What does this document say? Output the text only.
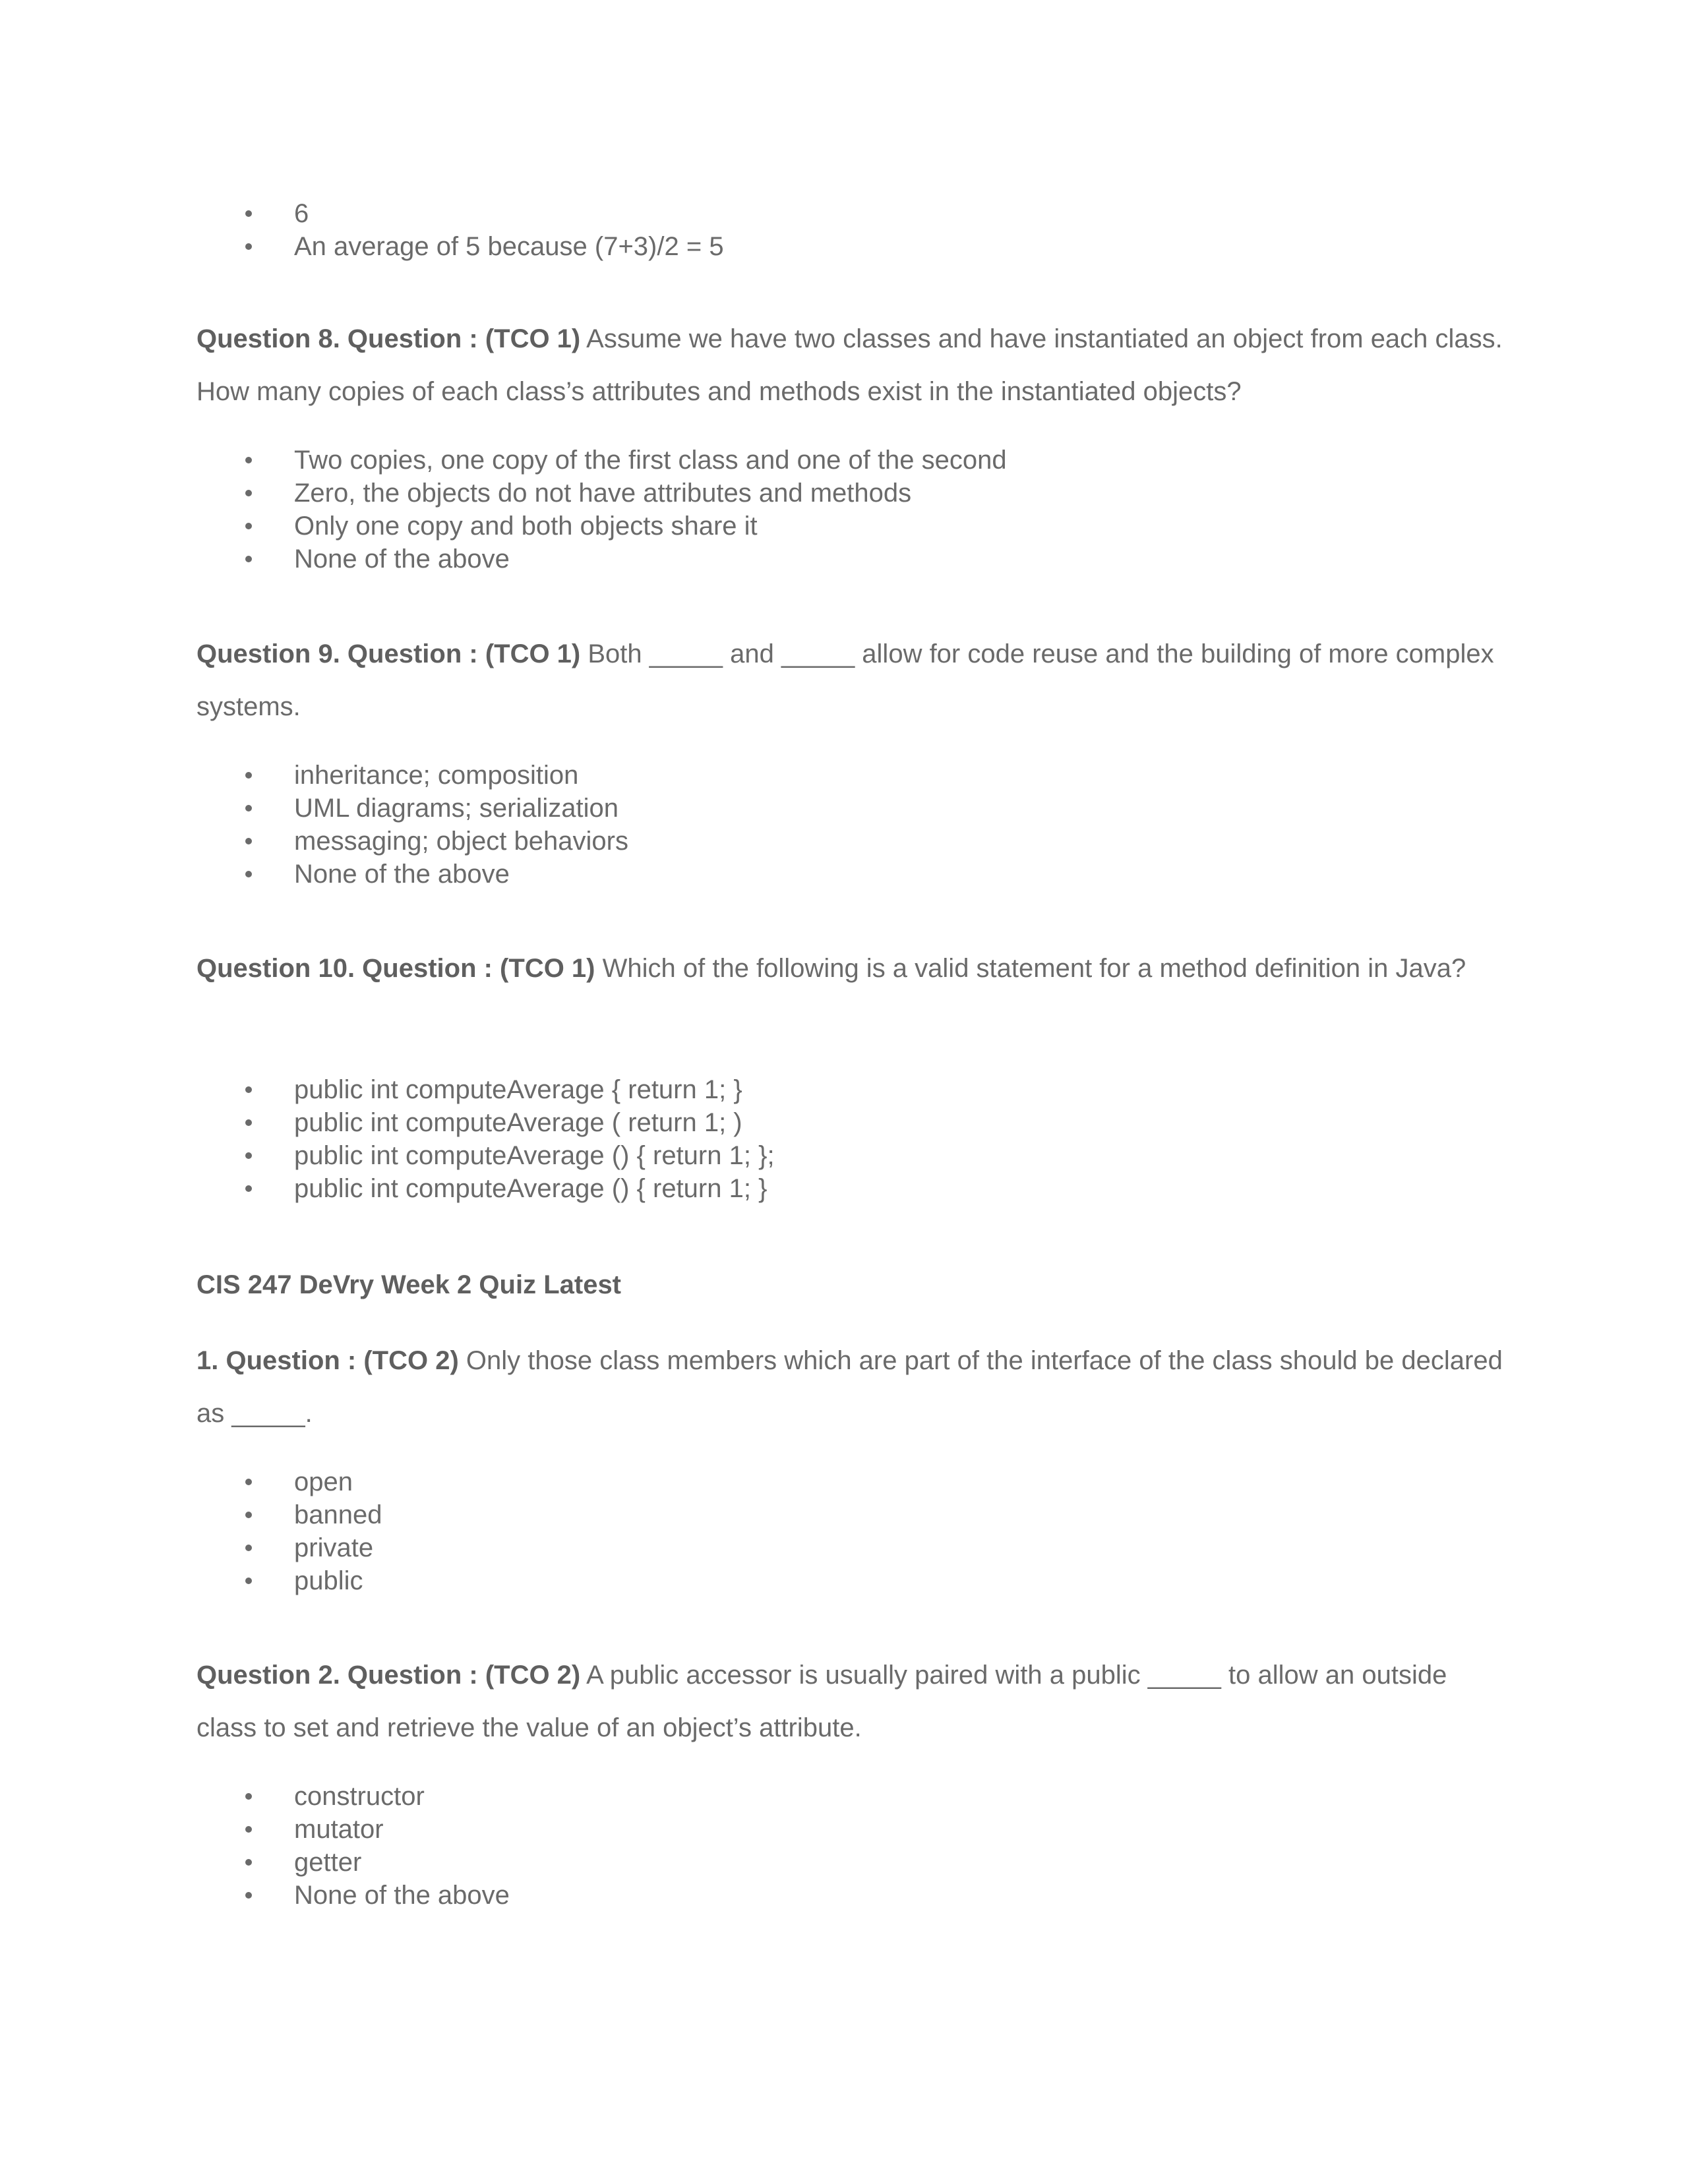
6
An average of 5 because (7+3)/2 = 5

Question 8. Question : (TCO 1) Assume we have two classes and have instantiated an object from each class. How many copies of each class’s attributes and methods exist in the instantiated objects?

Two copies, one copy of the first class and one of the second
Zero, the objects do not have attributes and methods
Only one copy and both objects share it
None of the above

Question 9. Question : (TCO 1) Both _____ and _____ allow for code reuse and the building of more complex systems.

inheritance; composition
UML diagrams; serialization
messaging; object behaviors
None of the above

Question 10. Question : (TCO 1) Which of the following is a valid statement for a method definition in Java?

public int computeAverage { return 1; }
public int computeAverage ( return 1; )
public int computeAverage () { return 1; };
public int computeAverage () { return 1; }

CIS 247 DeVry Week 2 Quiz Latest

1. Question : (TCO 2) Only those class members which are part of the interface of the class should be declared as _____.

open
banned
private
public

Question 2. Question : (TCO 2) A public accessor is usually paired with a public _____ to allow an outside class to set and retrieve the value of an object’s attribute.

constructor
mutator
getter
None of the above
